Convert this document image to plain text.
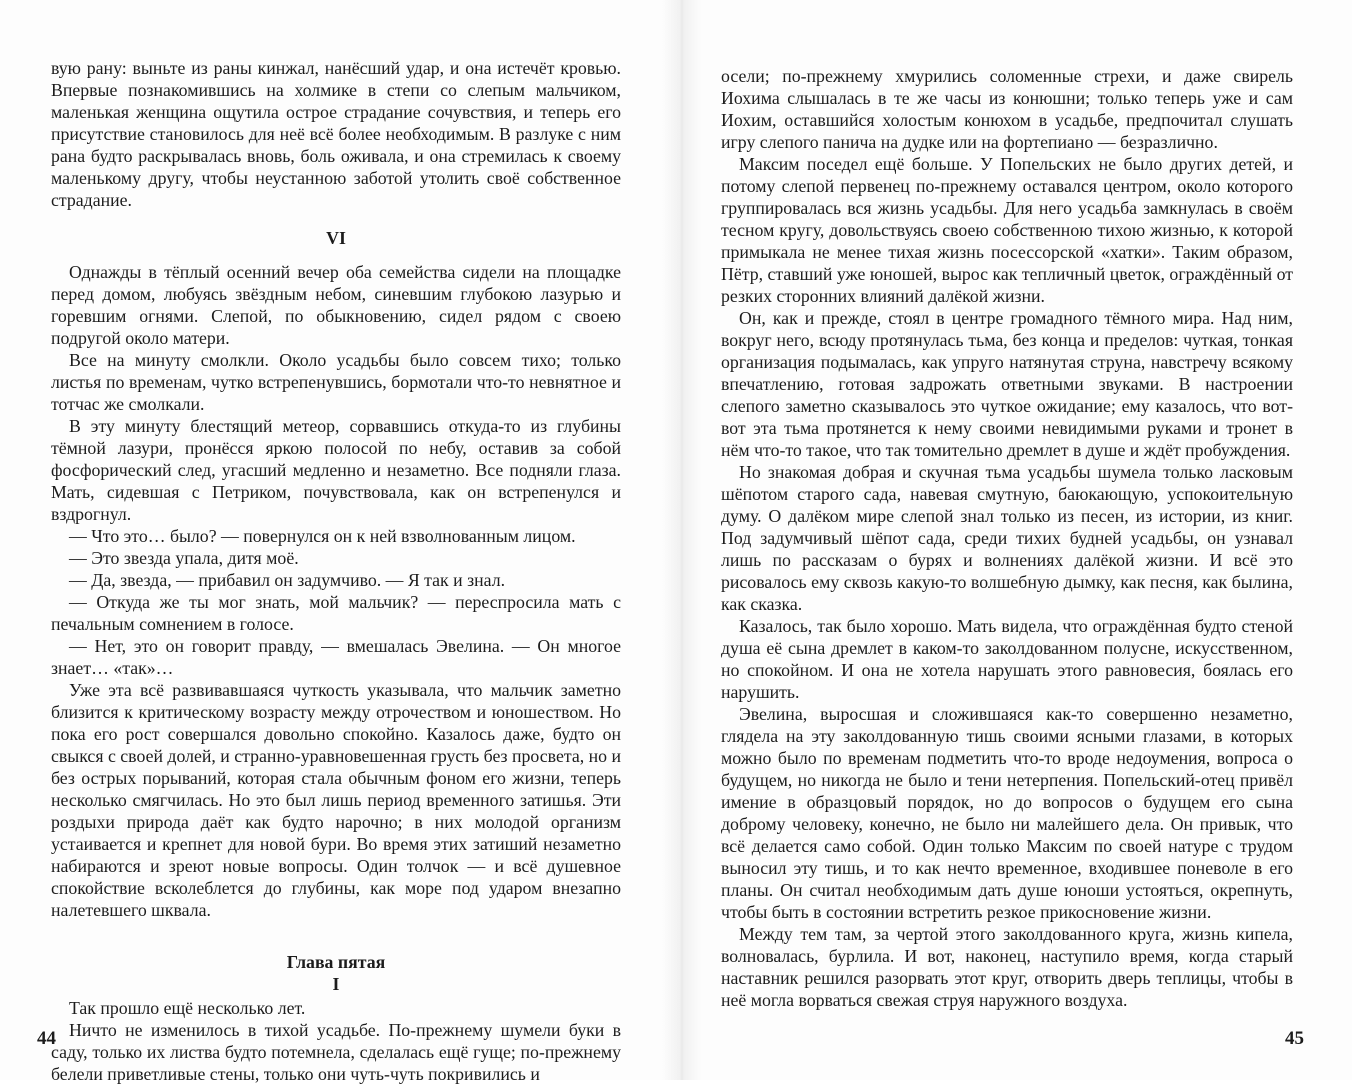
вую рану: выньте из раны кинжал, нанёсший удар, и она истечёт кровью. Впервые познакомившись на холмике в степи со слепым мальчиком, маленькая женщина ощутила острое страдание сочувствия, и теперь его присутствие становилось для неё всё более необходимым. В разлуке с ним рана будто раскрывалась вновь, боль оживала, и она стремилась к своему маленькому другу, чтобы неустанною заботой утолить своё собственное страдание.

VI

Однажды в тёплый осенний вечер оба семейства сидели на площадке перед домом, любуясь звёздным небом, синевшим глубокою лазурью и горевшим огнями. Слепой, по обыкновению, сидел рядом с своею подругой около матери.

Все на минуту смолкли. Около усадьбы было совсем тихо; только листья по временам, чутко встрепенувшись, бормотали что-то невнятное и тотчас же смолкали.

В эту минуту блестящий метеор, сорвавшись откуда-то из глубины тёмной лазури, пронёсся яркою полосой по небу, оставив за собой фосфорический след, угасший медленно и незаметно. Все подняли глаза. Мать, сидевшая с Петриком, почувствовала, как он встрепенулся и вздрогнул.

— Что это… было? — повернулся он к ней взволнованным лицом.

— Это звезда упала, дитя моё.

— Да, звезда, — прибавил он задумчиво. — Я так и знал.

— Откуда же ты мог знать, мой мальчик? — переспросила мать с печальным сомнением в голосе.

— Нет, это он говорит правду, — вмешалась Эвелина. — Он многое знает… «так»…

Уже эта всё развивавшаяся чуткость указывала, что мальчик заметно близится к критическому возрасту между отрочеством и юношеством. Но пока его рост совершался довольно спокойно. Казалось даже, будто он свыкся с своей долей, и странно-уравновешенная грусть без просвета, но и без острых порываний, которая стала обычным фоном его жизни, теперь несколько смягчилась. Но это был лишь период временного затишья. Эти роздыхи природа даёт как будто нарочно; в них молодой организм устаивается и крепнет для новой бури. Во время этих затиший незаметно набираются и зреют новые вопросы. Один толчок — и всё душевное спокойствие всколеблется до глубины, как море под ударом внезапно налетевшего шквала.

Глава пятая
I

Так прошло ещё несколько лет.

Ничто не изменилось в тихой усадьбе. По-прежнему шумели буки в саду, только их листва будто потемнела, сделалась ещё гуще; по-прежнему белели приветливые стены, только они чуть-чуть покривились и

44

осели; по-прежнему хмурились соломенные стрехи, и даже свирель Иохима слышалась в те же часы из конюшни; только теперь уже и сам Иохим, оставшийся холостым конюхом в усадьбе, предпочитал слушать игру слепого панича на дудке или на фортепиано — безразлично.

Максим поседел ещё больше. У Попельских не было других детей, и потому слепой первенец по-прежнему оставался центром, около которого группировалась вся жизнь усадьбы. Для него усадьба замкнулась в своём тесном кругу, довольствуясь своею собственною тихою жизнью, к которой примыкала не менее тихая жизнь посессорской «хатки». Таким образом, Пётр, ставший уже юношей, вырос как тепличный цветок, ограждённый от резких сторонних влияний далёкой жизни.

Он, как и прежде, стоял в центре громадного тёмного мира. Над ним, вокруг него, всюду протянулась тьма, без конца и пределов: чуткая, тонкая организация подымалась, как упруго натянутая струна, навстречу всякому впечатлению, готовая задрожать ответными звуками. В настроении слепого заметно сказывалось это чуткое ожидание; ему казалось, что вот-вот эта тьма протянется к нему своими невидимыми руками и тронет в нём что-то такое, что так томительно дремлет в душе и ждёт пробуждения.

Но знакомая добрая и скучная тьма усадьбы шумела только ласковым шёпотом старого сада, навевая смутную, баюкающую, успокоительную думу. О далёком мире слепой знал только из песен, из истории, из книг. Под задумчивый шёпот сада, среди тихих будней усадьбы, он узнавал лишь по рассказам о бурях и волнениях далёкой жизни. И всё это рисовалось ему сквозь какую-то волшебную дымку, как песня, как былина, как сказка.

Казалось, так было хорошо. Мать видела, что ограждённая будто стеной душа её сына дремлет в каком-то заколдованном полусне, искусственном, но спокойном. И она не хотела нарушать этого равновесия, боялась его нарушить.

Эвелина, выросшая и сложившаяся как-то совершенно незаметно, глядела на эту заколдованную тишь своими ясными глазами, в которых можно было по временам подметить что-то вроде недоумения, вопроса о будущем, но никогда не было и тени нетерпения. Попельский-отец привёл имение в образцовый порядок, но до вопросов о будущем его сына доброму человеку, конечно, не было ни малейшего дела. Он привык, что всё делается само собой. Один только Максим по своей натуре с трудом выносил эту тишь, и то как нечто временное, входившее поневоле в его планы. Он считал необходимым дать душе юноши устояться, окрепнуть, чтобы быть в состоянии встретить резкое прикосновение жизни.

Между тем там, за чертой этого заколдованного круга, жизнь кипела, волновалась, бурлила. И вот, наконец, наступило время, когда старый наставник решился разорвать этот круг, отворить дверь теплицы, чтобы в неё могла ворваться свежая струя наружного воздуха.

45
